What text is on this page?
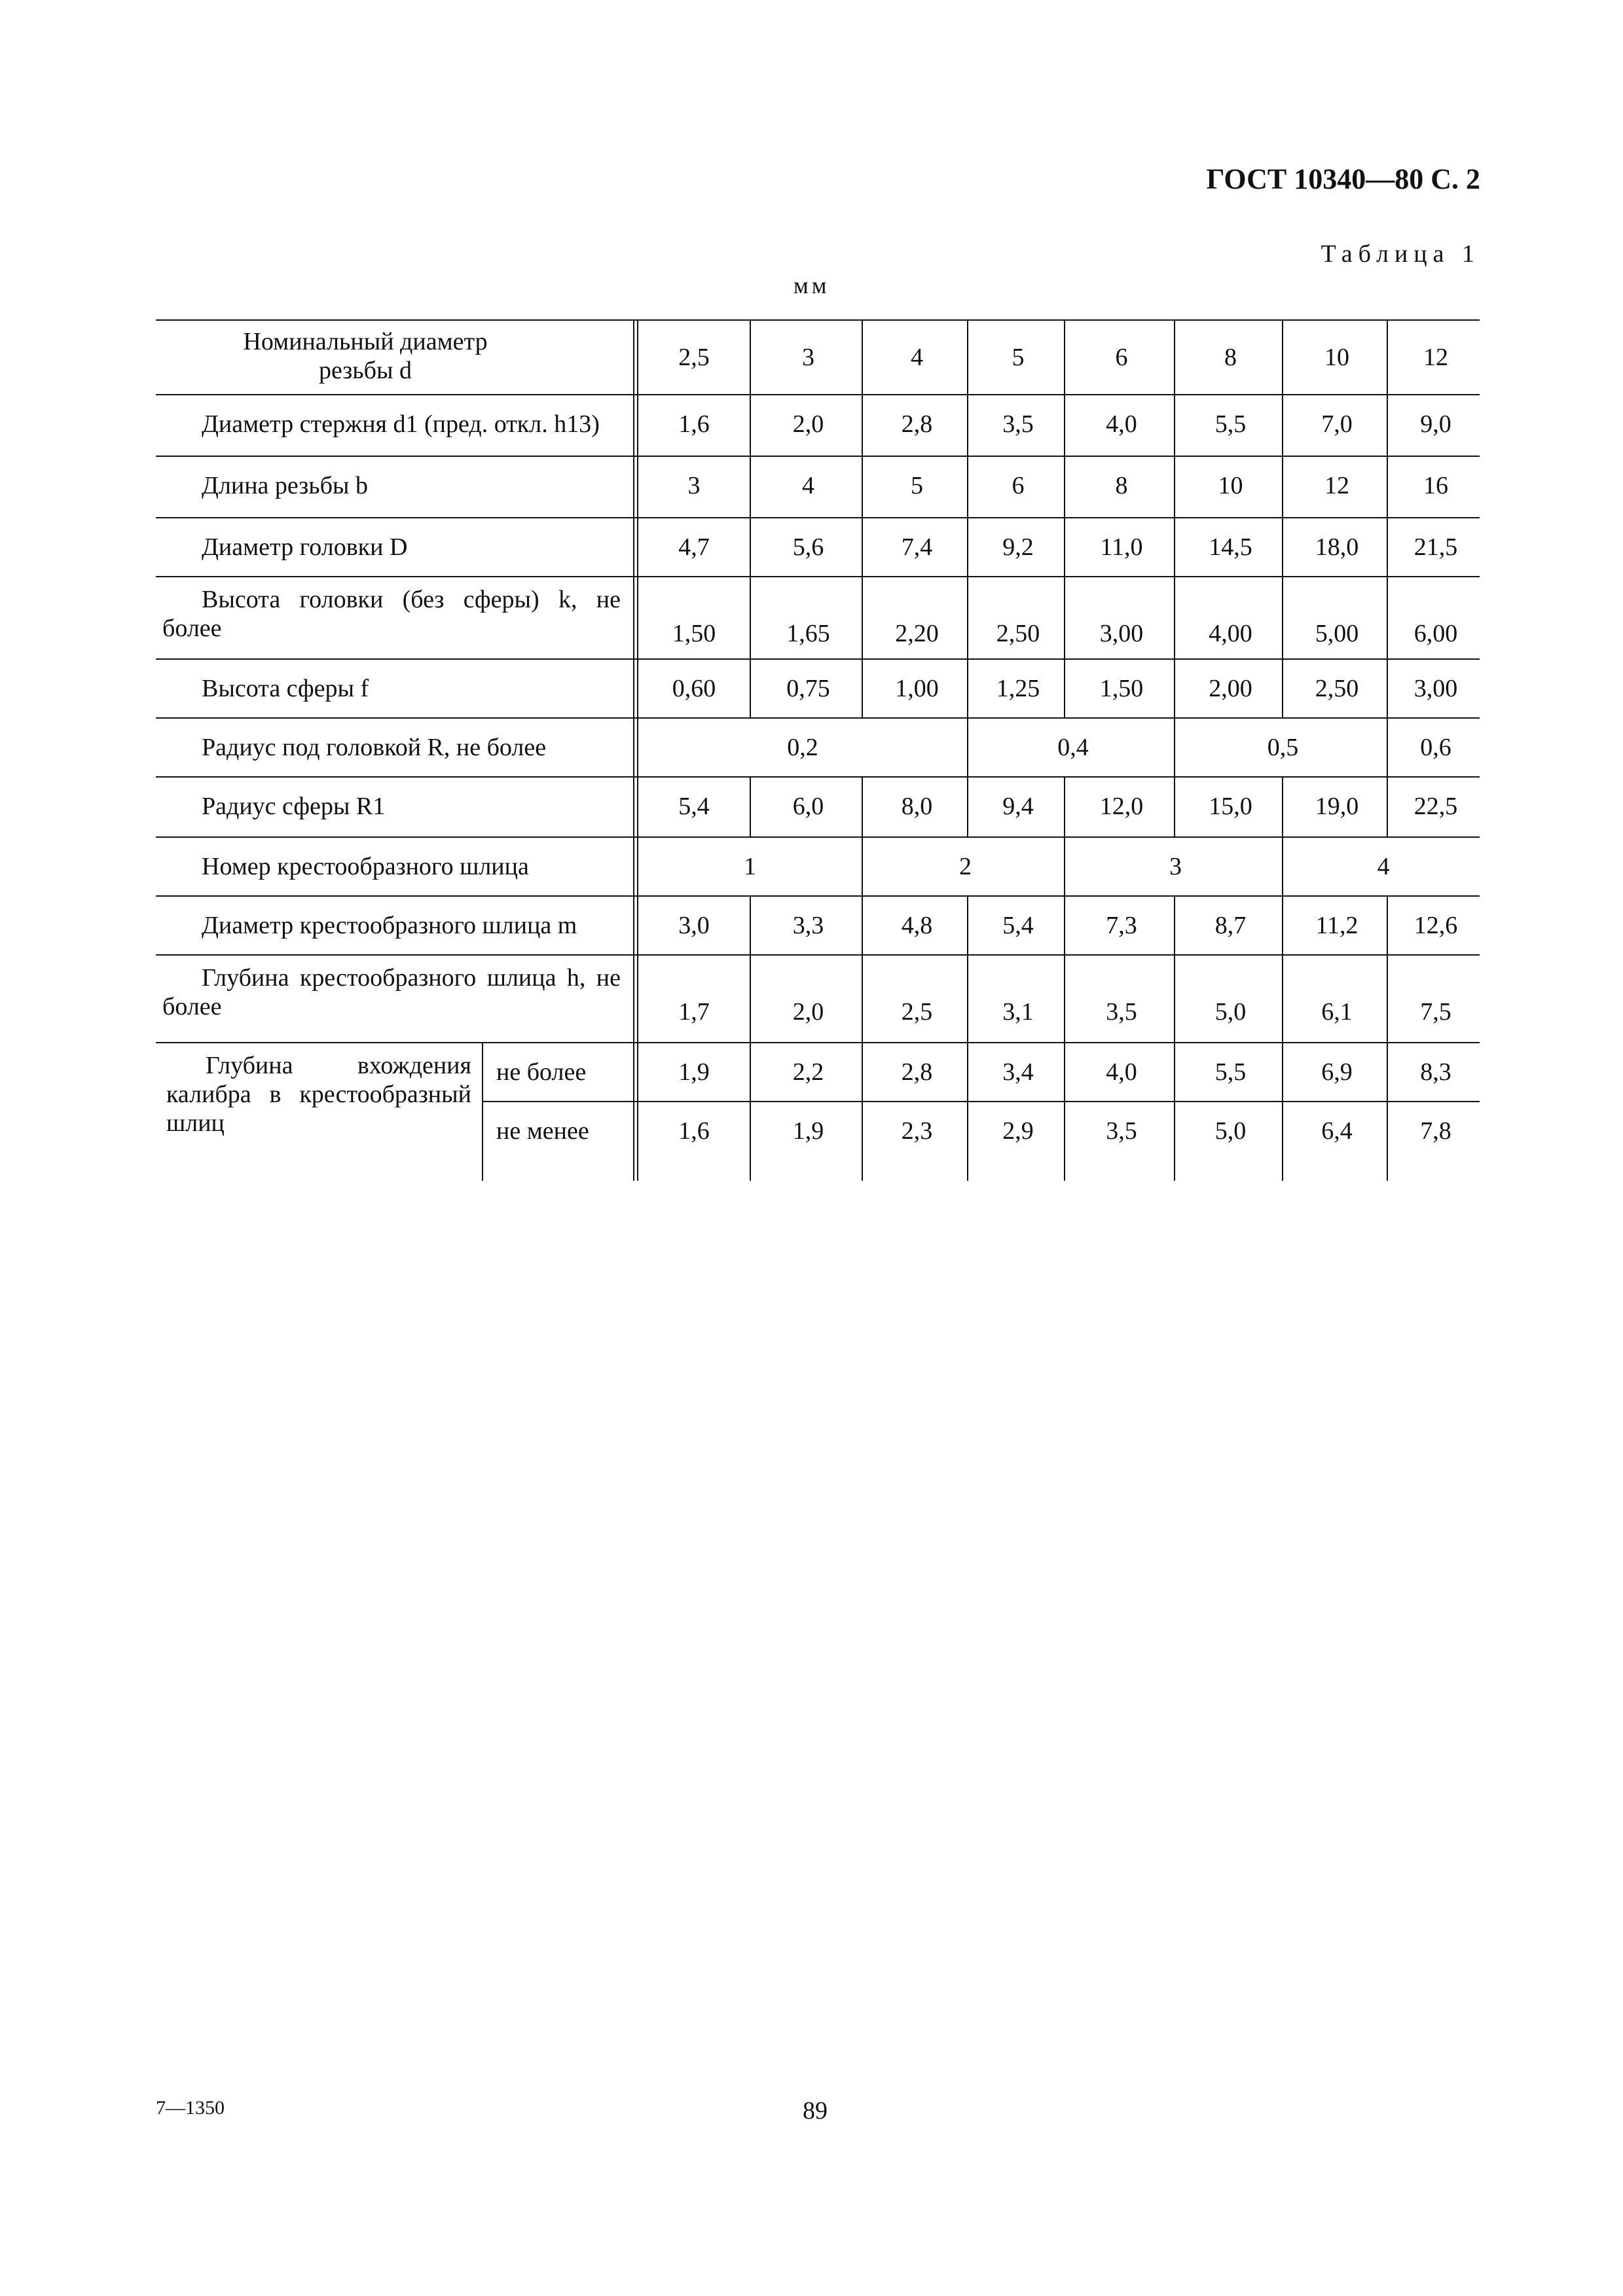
ГОСТ 10340—80 С. 2
Таблица 1
мм
Номинальный диаметр резьбы d	2,5	3	4	5	6	8	10	12
Диаметр стержня d1 (пред. откл. h13)	1,6	2,0	2,8	3,5	4,0	5,5	7,0	9,0
Длина резьбы b	3	4	5	6	8	10	12	16
Диаметр головки D	4,7	5,6	7,4	9,2	11,0	14,5	18,0 21,5
Высота головки (без сферы) k, не более	1,50	1,65	2,20 2,50 3,00	4,00	5,00 6,00
Высота сферы f	0,60	0,75	1,00 1,25 1,50	2,00	2,50 3,00
Радиус под головкой R, не более	0,2	0,4	0,5	0,6
Радиус сферы R1	5,4	6,0	8,0	9,4	12,0	15,0	19,0 22,5
Номер крестообразного шлица	1	2	3	4
Диаметр крестообразного шлица m	3,0	3,3	4,8	5,4	7,3	8,7	11,2 12,6
Глубина крестообразного шлица h, не более	1,7	2,0	2,5	3,1	3,5	5,0	6,1	7,5
Глубина вхождения калибра в крестообразный шлиц
не более	1,9	2,2	2,8	3,4	4,0	5,5	6,9	8,3
не менее	1,6	1,9	2,3	2,9	3,5	5,0	6,4	7,8
7—1350	89
